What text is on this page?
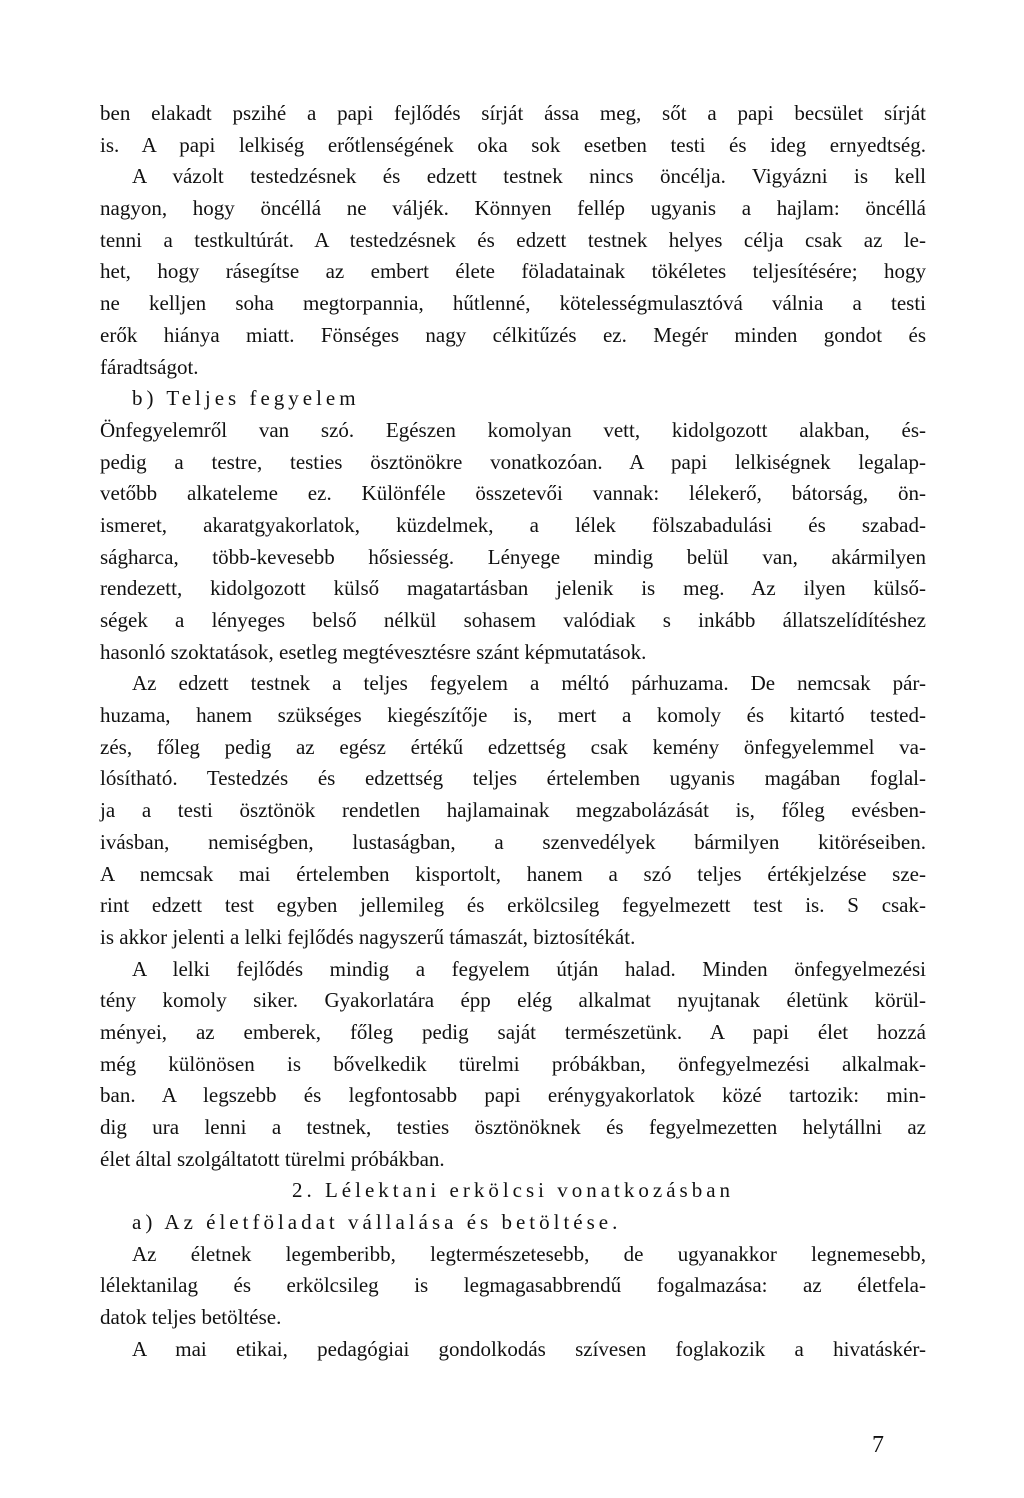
ben elakadt pszihé a papi fejlődés sírját ássa meg, sőt a papi becsület sírját
is. A papi lelkiség erőtlenségének oka sok esetben testi és ideg ernyedtség.
A vázolt testedzésnek és edzett testnek nincs öncélja. Vigyázni is kell
nagyon, hogy öncéllá ne váljék. Könnyen fellép ugyanis a hajlam: öncéllá
tenni a testkultúrát. A testedzésnek és edzett testnek helyes célja csak az le-
het, hogy rásegítse az embert élete föladatainak tökéletes teljesítésére; hogy
ne kelljen soha megtorpannia, hűtlenné, kötelességmulasztóvá válnia a testi
erők hiánya miatt. Fönséges nagy célkitűzés ez. Megér minden gondot és
fáradtságot.
b) Teljes fegyelem
Önfegyelemről van szó. Egészen komolyan vett, kidolgozott alakban, és-
pedig a testre, testies ösztönökre vonatkozóan. A papi lelkiségnek legalap-
vetőbb alkateleme ez. Különféle összetevői vannak: lélekerő, bátorság, ön-
ismeret, akaratgyakorlatok, küzdelmek, a lélek fölszabadulási és szabad-
ságharca, több-kevesebb hősiesség. Lényege mindig belül van, akármilyen
rendezett, kidolgozott külső magatartásban jelenik is meg. Az ilyen külső-
ségek a lényeges belső nélkül sohasem valódiak s inkább állatszelídítéshez
hasonló szoktatások, esetleg megtévesztésre szánt képmutatások.
Az edzett testnek a teljes fegyelem a méltó párhuzama. De nemcsak pár-
huzama, hanem szükséges kiegészítője is, mert a komoly és kitartó tested-
zés, főleg pedig az egész értékű edzettség csak kemény önfegyelemmel va-
lósítható. Testedzés és edzettség teljes értelemben ugyanis magában foglal-
ja a testi ösztönök rendetlen hajlamainak megzabolázását is, főleg evésben-
ivásban, nemiségben, lustaságban, a szenvedélyek bármilyen kitöréseiben.
A nemcsak mai értelemben kisportolt, hanem a szó teljes értékjelzése sze-
rint edzett test egyben jellemileg és erkölcsileg fegyelmezett test is. S csak-
is akkor jelenti a lelki fejlődés nagyszerű támaszát, biztosítékát.
A lelki fejlődés mindig a fegyelem útján halad. Minden önfegyelmezési
tény komoly siker. Gyakorlatára épp elég alkalmat nyujtanak életünk körül-
ményei, az emberek, főleg pedig saját természetünk. A papi élet hozzá
még különösen is bővelkedik türelmi próbákban, önfegyelmezési alkalmak-
ban. A legszebb és legfontosabb papi erénygyakorlatok közé tartozik: min-
dig ura lenni a testnek, testies ösztönöknek és fegyelmezetten helytállni az
élet által szolgáltatott türelmi próbákban.
2. Lélektani erkölcsi vonatkozásban
a) Az életföladat vállalása és betöltése.
Az életnek legemberibb, legtermészetesebb, de ugyanakkor legnemesebb,
lélektanilag és erkölcsileg is legmagasabbrendű fogalmazása: az életfela-
datok teljes betöltése.
A mai etikai, pedagógiai gondolkodás szívesen foglakozik a hivatáskér-
7
